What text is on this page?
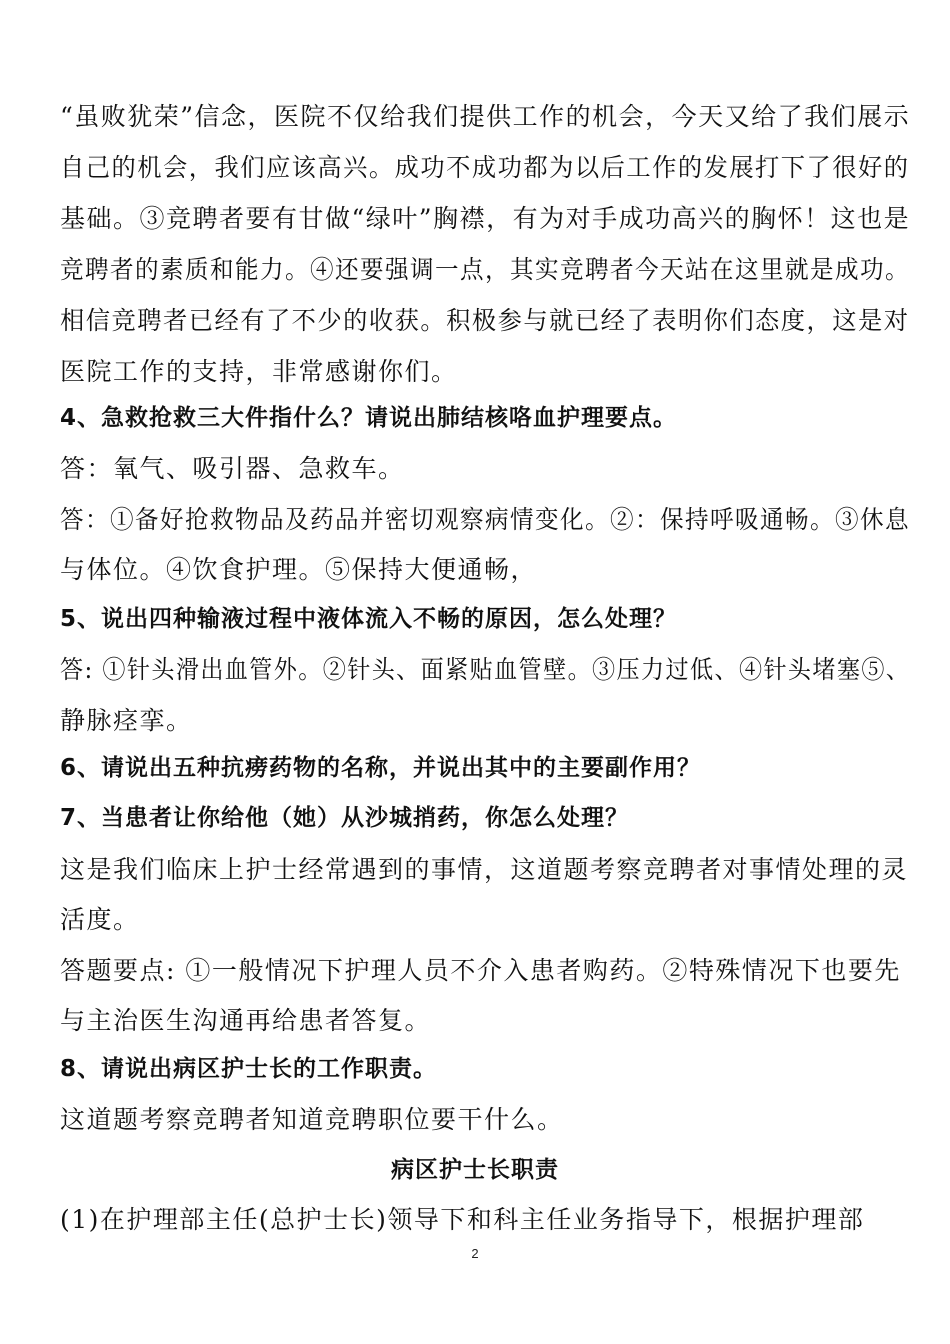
“虽败犹荣”信念，医院不仅给我们提供工作的机会，今天又给了我们展示
自己的机会，我们应该高兴。成功不成功都为以后工作的发展打下了很好的
基础。③竞聘者要有甘做“绿叶”胸襟，有为对手成功高兴的胸怀！这也是
竞聘者的素质和能力。④还要强调一点，其实竞聘者今天站在这里就是成功。
相信竞聘者已经有了不少的收获。积极参与就已经了表明你们态度，这是对
医院工作的支持，非常感谢你们。
4、急救抢救三大件指什么？请说出肺结核咯血护理要点。
答：氧气、吸引器、急救车。
答：①备好抢救物品及药品并密切观察病情变化。②：保持呼吸通畅。③休息
与体位。④饮食护理。⑤保持大便通畅，
5、说出四种输液过程中液体流入不畅的原因，怎么处理？
答: ①针头滑出血管外。②针头、面紧贴血管壁。③压力过低、④针头堵塞⑤、
静脉痉挛。
6、请说出五种抗痨药物的名称，并说出其中的主要副作用？
7、当患者让你给他（她）从沙城捎药，你怎么处理？
这是我们临床上护士经常遇到的事情，这道题考察竞聘者对事情处理的灵
活度。
答题要点: ①一般情况下护理人员不介入患者购药。②特殊情况下也要先
与主治医生沟通再给患者答复。
8、请说出病区护士长的工作职责。
这道题考察竞聘者知道竞聘职位要干什么。
病区护士长职责
(1)在护理部主任(总护士长)领导下和科主任业务指导下，根据护理部
2
